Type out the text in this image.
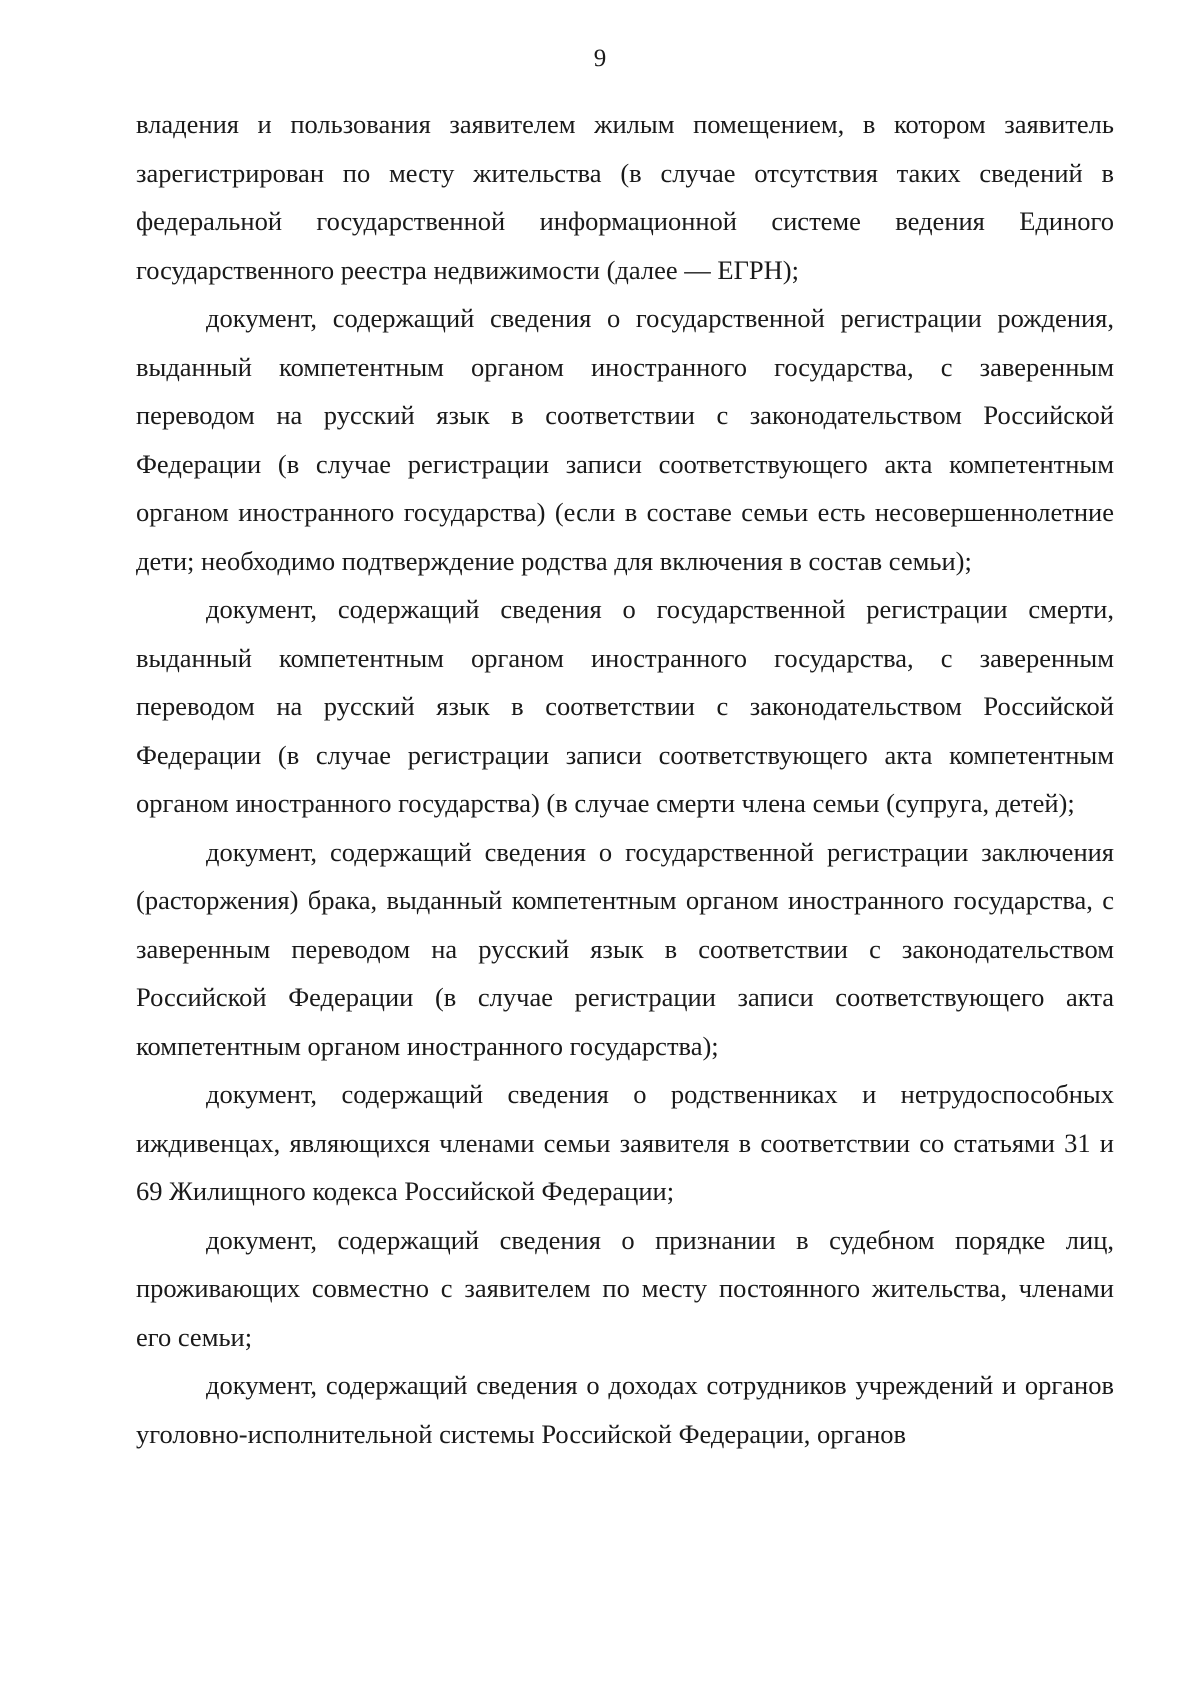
9

владения и пользования заявителем жилым помещением, в котором заявитель зарегистрирован по месту жительства (в случае отсутствия таких сведений в федеральной государственной информационной системе ведения Единого государственного реестра недвижимости (далее — ЕГРН);

документ, содержащий сведения о государственной регистрации рождения, выданный компетентным органом иностранного государства, с заверенным переводом на русский язык в соответствии с законодательством Российской Федерации (в случае регистрации записи соответствующего акта компетентным органом иностранного государства) (если в составе семьи есть несовершеннолетние дети; необходимо подтверждение родства для включения в состав семьи);

документ, содержащий сведения о государственной регистрации смерти, выданный компетентным органом иностранного государства, с заверенным переводом на русский язык в соответствии с законодательством Российской Федерации (в случае регистрации записи соответствующего акта компетентным органом иностранного государства) (в случае смерти члена семьи (супруга, детей);

документ, содержащий сведения о государственной регистрации заключения (расторжения) брака, выданный компетентным органом иностранного государства, с заверенным переводом на русский язык в соответствии с законодательством Российской Федерации (в случае регистрации записи соответствующего акта компетентным органом иностранного государства);

документ, содержащий сведения о родственниках и нетрудоспособных иждивенцах, являющихся членами семьи заявителя в соответствии со статьями 31 и 69 Жилищного кодекса Российской Федерации;

документ, содержащий сведения о признании в судебном порядке лиц, проживающих совместно с заявителем по месту постоянного жительства, членами его семьи;

документ, содержащий сведения о доходах сотрудников учреждений и органов уголовно-исполнительной системы Российской Федерации, органов
